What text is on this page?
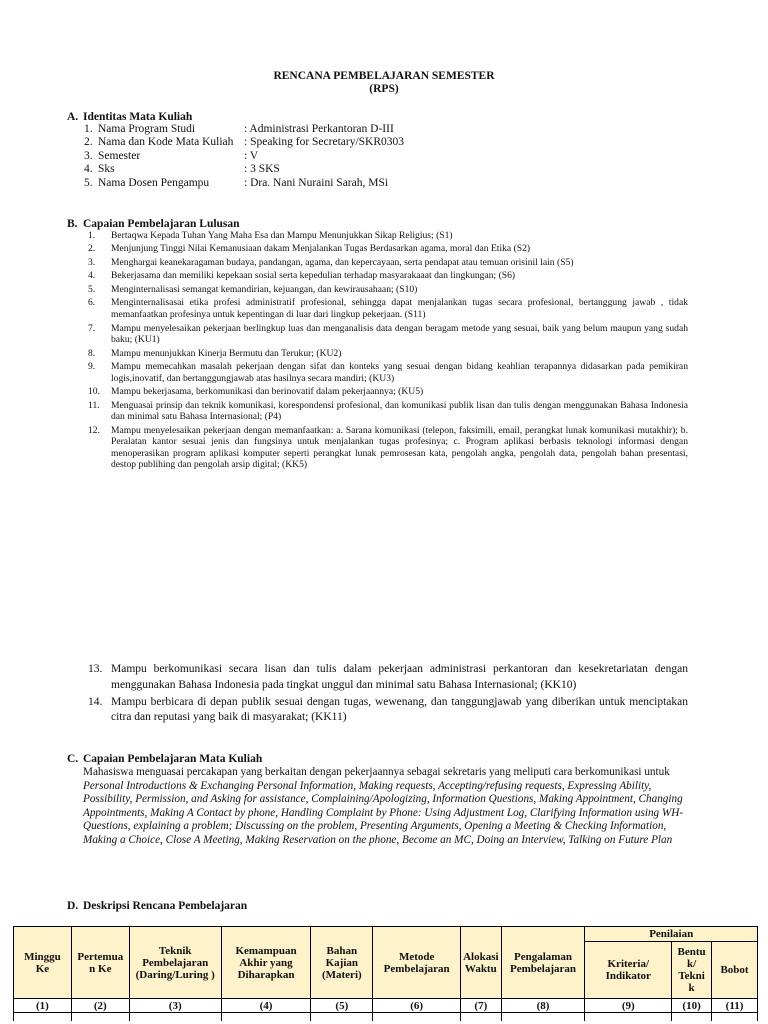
RENCANA PEMBELAJARAN SEMESTER
(RPS)
A. Identitas Mata Kuliah
1. Nama Program Studi	: Administrasi Perkantoran D-III
2. Nama dan Kode Mata Kuliah : Speaking for Secretary/SKR0303
3. Semester	: V
4. Sks	: 3 SKS
5. Nama Dosen Pengampu	: Dra. Nani Nuraini Sarah, MSi
B. Capaian Pembelajaran Lulusan
1.	Bertaqwa Kepada Tuhan Yang Maha Esa dan Mampu Menunjukkan Sikap Religius; (S1)
2.	Menjunjung Tinggi Nilai Kemanusiaan dakam Menjalankan Tugas Berdasarkan agama, moral dan Etika (S2)
3.	Menghargai keanekaragaman budaya, pandangan, agama, dan kepercayaan, serta pendapat atau temuan orisinil lain (S5)
4.	Bekerjasama dan memiliki kepekaan sosial serta kepedulian terhadap masyarakaaat dan lingkungan; (S6)
5.	Menginternalisasi semangat kemandirian, kejuangan, dan kewirausahaan; (S10)
6.	Menginternalisasai etika profesi administratif profesional, sehingga dapat menjalankan tugas secara profesional, bertanggung jawab , tidak memanfaatkan profesinya untuk kepentingan di luar dari lingkup pekerjaan. (S11)
7.	Mampu menyelesaikan pekerjaan berlingkup luas dan menganalisis data dengan beragam metode yang sesuai, baik yang belum maupun yang sudah baku; (KU1)
8.	Mampu menunjukkan Kinerja Bermutu dan Terukur; (KU2)
9.	Mampu memecahkan masalah pekerjaan dengan sifat dan konteks yang sesuai dengan bidang keahlian terapannya didasarkan pada pemikiran logis,inovatif, dan bertanggungjawab atas hasilnya secara mandiri; (KU3)
10.	Mampu bekerjasama, berkomunikasi dan berinovatif dalam pekerjaannya; (KU5)
11.	Menguasai prinsip dan teknik komunikasi, korespondensi profesional, dan komunikasi publik lisan dan tulis dengan menggunakan Bahasa Indonesia dan minimal satu Bahasa Internasional; (P4)
12.	Mampu menyelesaikan pekerjaan dengan memanfaatkan: a. Sarana komunikasi (telepon, faksimili, email, perangkat lunak komunikasi mutakhir); b. Peralatan kantor sesuai jenis dan fungsinya untuk menjalankan tugas profesinya; c. Program aplikasi berbasis teknologi informasi dengan menoperasikan program aplikasi komputer seperti perangkat lunak pemrosesan kata, pengolah angka, pengolah data, pengolah bahan presentasi, destop publihing dan pengolah arsip digital; (KK5)
13. Mampu berkomunikasi secara lisan dan tulis dalam pekerjaan administrasi perkantoran dan kesekretariatan dengan menggunakan Bahasa Indonesia pada tingkat unggul dan minimal satu Bahasa Internasional; (KK10)
14. Mampu berbicara di depan publik sesuai dengan tugas, wewenang, dan tanggungjawab yang diberikan untuk menciptakan citra dan reputasi yang baik di masyarakat; (KK11)
C. Capaian Pembelajaran Mata Kuliah
Mahasiswa menguasai percakapan yang berkaitan dengan pekerjaannya sebagai sekretaris yang meliputi cara berkomunikasi untuk
Personal Introductions & Exchanging Personal Information, Making requests, Accepting/refusing requests, Expressing Ability, Possibility, Permission, and Asking for assistance, Complaining/Apologizing, Information Questions, Making Appointment, Changing Appointments, Making A Contact by phone, Handling Complaint by Phone: Using Adjustment Log, Clarifying Information using WH- Questions, explaining a problem; Discussing on the problem, Presenting Arguments, Opening a Meeting & Checking Information, Making a Choice, Close A Meeting, Making Reservation on the phone, Become an MC, Doing an Interview, Talking on Future Plan
D. Deskripsi Rencana Pembelajaran
Minggu Ke	Pertemua n Ke	Teknik Pembelajaran (Daring/Luring )	Kemampuan Akhir yang Diharapkan	Bahan Kajian (Materi)	Metode Pembelajaran	Alokasi Waktu	Pengalaman Pembelajaran	Penilaian		
								Kriteria/ Indikator	Bentu k/ Tekni k	Bobot
(1)	(2)	(3)	(4)	(5)	(6)	(7)	(8)	(9)	(10)	(11)
